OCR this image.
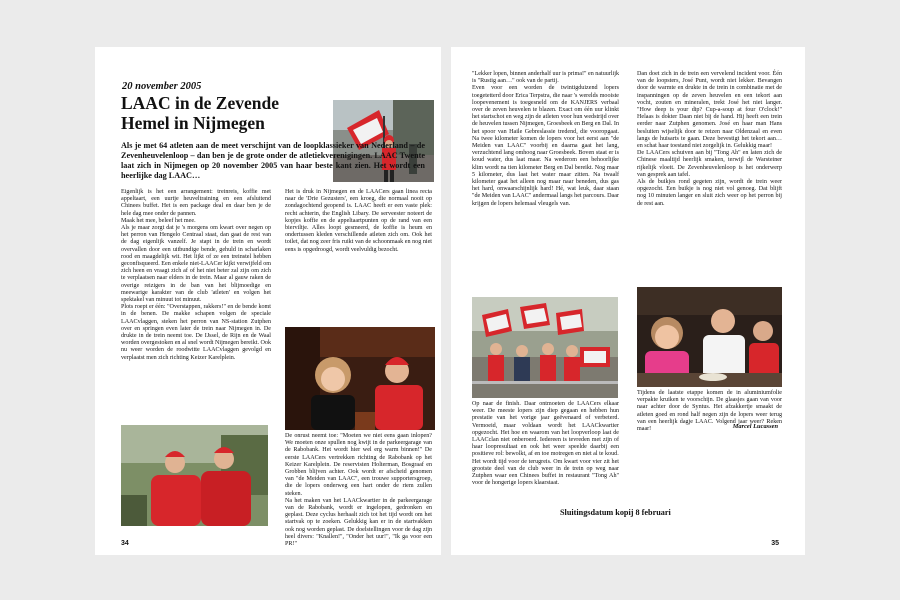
20 november 2005
LAAC in de Zevende Hemel in Nijmegen
Als je met 64 atleten aan de meet verschijnt van de loopklassieker van Nederland – de Zevenheuvelenloop – dan ben je de grote onder de atletiekverenigingen. LAAC Twente laat zich in Nijmegen op 20 november 2005 van haar beste kant zien. Het wordt een heerlijke dag LAAC…

Eigenlijk is het een arrangement: treinreis, koffie met appeltaart, een uurtje heuveltraining en een afsluitend Chinees buffet. Het is een package deal en daar ben je de hele dag mee onder de pannen.
Maak het mee, beleef het mee.
Als je maar zorgt dat je 's morgens om kwart over negen op het perron van Hengelo Centraal staat, dan gaat de rest van de dag eigenlijk vanzelf. Je stapt in de trein en wordt overvallen door een uitbundige bende, gehuld in scharlaken rood en maagdelijk wit. Het lijkt of ze een treinstel hebben geconfisqueerd. Een enkele niet-LAACer kijkt verwijfeld om zich heen en vraagt zich af of het niet beter zal zijn om zich te verplaatsen naar elders in de trein. Maar al gauw raken de overige reizigers in de ban van het blijmoedige en meewarige karakter van de club 'atleten' en volgen het spektakel van minuut tot minuut.
Plots roept er één: "Overstappen, rakkers!" en de bende komt in de benen. De makke schapen volgen de speciale LAACvlaggen, steken het perron van NS-station Zutphen over en springen even later de trein naar Nijmegen in. De drukte in de trein neemt toe. De IJssel, de Rijn en de Waal worden overgestoken en al snel wordt Nijmegen bereikt. Ook nu weer worden de roodwitte LAACvlaggen gevolgd en verplaatst men zich richting Keizer Karelplein.

Het is druk in Nijmegen en de LAACers gaan linea recta naar de 'Drie Gezusters', een kroeg, die normaal nooit op zondagochtend geopend is. LAAC heeft er een vaste plek: recht achterin, the English Libary. De serveester noteert de kopjes koffie en de appeltaartpunten op de rand van een bierviltje. Alles loopt gesmeerd, de koffie is heum en ondertussen kleden verschillende atleten zich om. Ook het toilet, dat nog zeer fris ruikt van de schoonmaak en nog niet eens is opgedroogd, wordt veelvuldig bezocht.

De onrust neemt toe: "Moeten we niet eens gaan inlopen? We moeten onze spullen nog kwijt in de parkeergarage van de Rabobank. Het wordt hier wel erg warm binnen!" De eerste LAACers vertrekken richting de Rabobank op het Keizer Karelplein. De reservisten Holterman, Bosgraaf en Grobben blijven achter. Ook wordt er afscheid genomen van "de Meiden van LAAC", een trouwe supportersgroep, die de lopers onderweg een hart onder de riem zullen steken.
Na het maken van het LAACkwartier in de parkeergarage van de Rabobank, wordt er ingelopen, gedronken en geplast. Deze cyclus herhaalt zich tot het tijd wordt om het startvak op te zoeken. Gelukkig kan er in de startvakken ook nog worden geplast. De doelstellingen voor de dag zijn heel divers: "Knallen!", "Onder het uur!", "Ik ga voor een PR!"

34

"Lekker lopen, binnen anderhalf uur is prima!" en natuurlijk is "Rustig aan…" ook van de partij.
Even voor een worden de twintigduizend lopers toegetetterd door Erica Terpstra, die naar 's werelds mooiste loopevenement is toegesneld om de KANJERS verbaal over de zeven heuvelen te blazen. Exact om één uur klinkt het startschot en weg zijn de atleten voor hun wedstrijd over de heuvelen tussen Nijmegen, Groesbeek en Berg en Dal. In het spoor van Haile Gebreslassie tredend, die vooropgaat. Na twee kilometer komen de lopers voor het eerst aan "de Meiden van LAAC" voorbij en daarna gaat het lang, verzuchtend lang omhoog naar Groesbeek. Boven staat er is koud water, dus laat maar. Na wederom een behoorlijke klim wordt na tien kilometer Berg en Dal bereikt. Nog maar 5 kilometer, dus laat het water maar zitten. Na twaalf kilometer gaat het alleen nog maar naar beneden, dus gas het hard, onwaarschijnlijk hard! Hé, wat leuk, daar staan "de Meiden van LAAC" andermaal langs het parcours. Daar krijgen de lopers helemaal vleugels van.

Op naar de finish. Daar ontmoeten de LAACers elkaar weer. De meeste lopers zijn diep gegaan en hebben hun prestatie van het vorige jaar geëvenaard of verbeterd. Vermoeid, maar voldaan wordt het LAACkwartier opgezocht. Het hoe en waarom van het loopverloop laat de LAACclan niet onberoerd. Iedereen is tevreden met zijn of haar loopresultaat en ook het weer speelde daarbij een positieve rol: bewolkt, af en toe motregen en niet al te koud.
Het wordt tijd voor de terugreis. Om kwart voor vier zit het grootste deel van de club weer in de trein op weg naar Zutphen waar een Chinees buffet in restaurant "Tong Ah" voor de hongerige lopers klaarstaat.

Sluitingsdatum kopij 8 februari

Dan doet zich in de trein een vervelend incident voor. Één van de loopsters, José Punt, wordt niet lekker. Bevangen door de warmte en drukte in de trein in combinatie met de inspanningen op de zeven heuvelen en een tekort aan vocht, zouten en mineralen, trekt José het niet langer. "How deep is your dip? Cup-a-soup at four O'clock!" Helaas is dokter Daan niet bij de hand. Hij heeft een trein eerder naar Zutphen genomen. José en haar man Hans besluiten wijselijk door te reizen naar Oldenzaal en even langs de huisarts te gaan. Deze bevestigt het tekort aan…en schat haar toestand niet zorgelijk in. Gelukkig maar!
De LAACers schuiven aan bij "Tong Ah" en laten zich de Chinese maaltijd heerlijk smaken, terwijl de Warsteiner rijkelijk vloeit. De Zevenheuvelenloop is het onderwerp van gesprek aan tafel.
Als de buikjes rond gegeten zijn, wordt de trein weer opgezocht. Een buikje is nog niet vol genoeg. Dat blijft nog 10 minuten langer en sluit zich weer op het perron bij de rest aan.

Tijdens de laatste etappe komen de in aluminiumfolie verpakte kruiken te voorschijn. De glaasjes gaan van voor naar achter door de Syntus. Het afzakkertje smaakt de atleten goed en rond half negen zijn de lopers weer terug van een heerlijk dagje LAAC. Volgend jaar weer? Reken maar!	Marcel Lucassen
35
